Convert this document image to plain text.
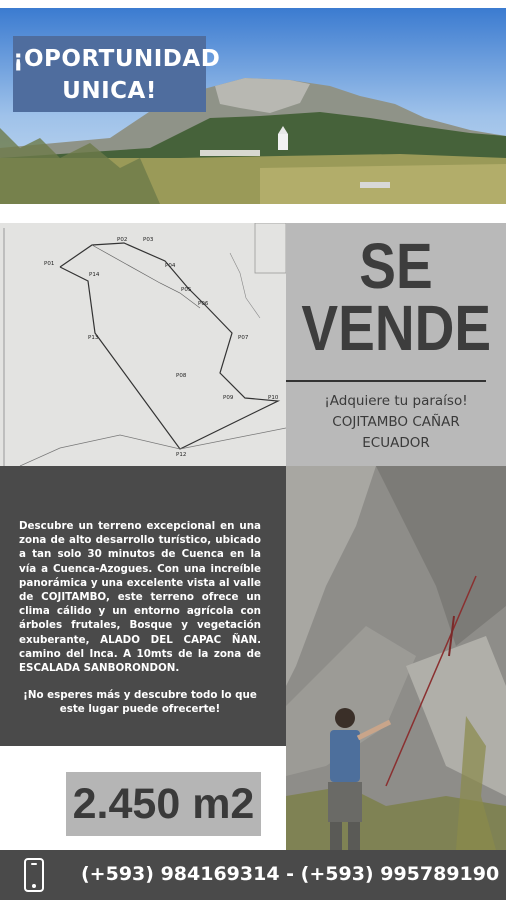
¡OPORTUNIDAD
UNICA!
P01
P02	P03
P04
P05
P06
P07
P08
P09	P10
P12
P13
P14	SE
VENDE
¡Adquiere tu paraíso!
COJITAMBO CAÑAR
ECUADOR
Descubre un terreno excepcional en una zona de alto desarrollo turístico, ubicado a tan solo 30 minutos de Cuenca en la vía a Cuenca-Azogues. Con una increíble panorámica y una excelente vista al valle de COJITAMBO, este terreno ofrece un clima cálido y un entorno agrícola con árboles frutales, Bosque y vegetación exuberante, ALADO DEL CAPAC ÑAN. camino del Inca. A 10mts de la zona de ESCALADA SANBORONDON.
¡No esperes más y descubre todo lo que este lugar puede ofrecerte!
2.450 m2
(+593) 984169314 - (+593) 995789190
